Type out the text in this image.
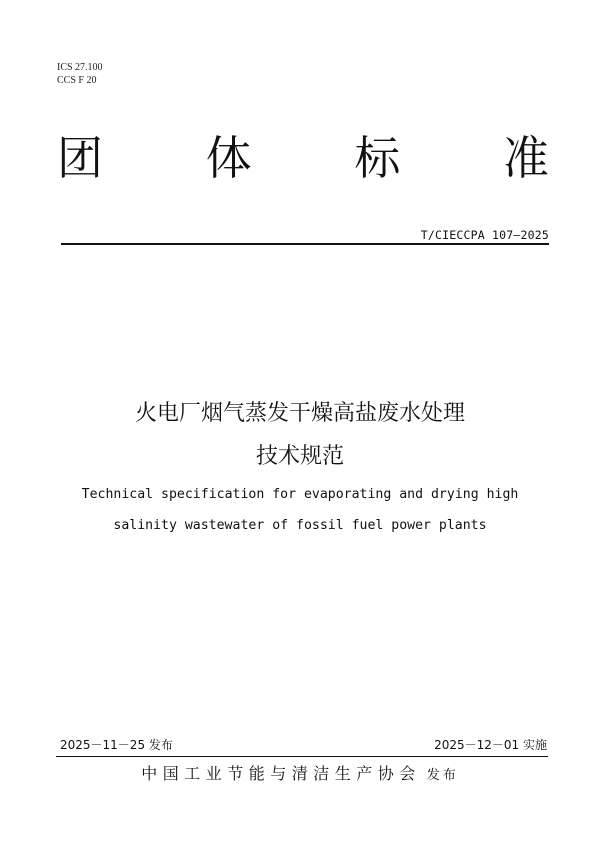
ICS 27.100
CCS F 20
团 体 标 准
T/CIECCPA 107—2025
火电厂烟气蒸发干燥高盐废水处理
技术规范
Technical specification for evaporating and drying high
salinity wastewater of fossil fuel power plants
2025－11－25 发布	2025－12－01 实施
中国工业节能与清洁生产协会 发布
